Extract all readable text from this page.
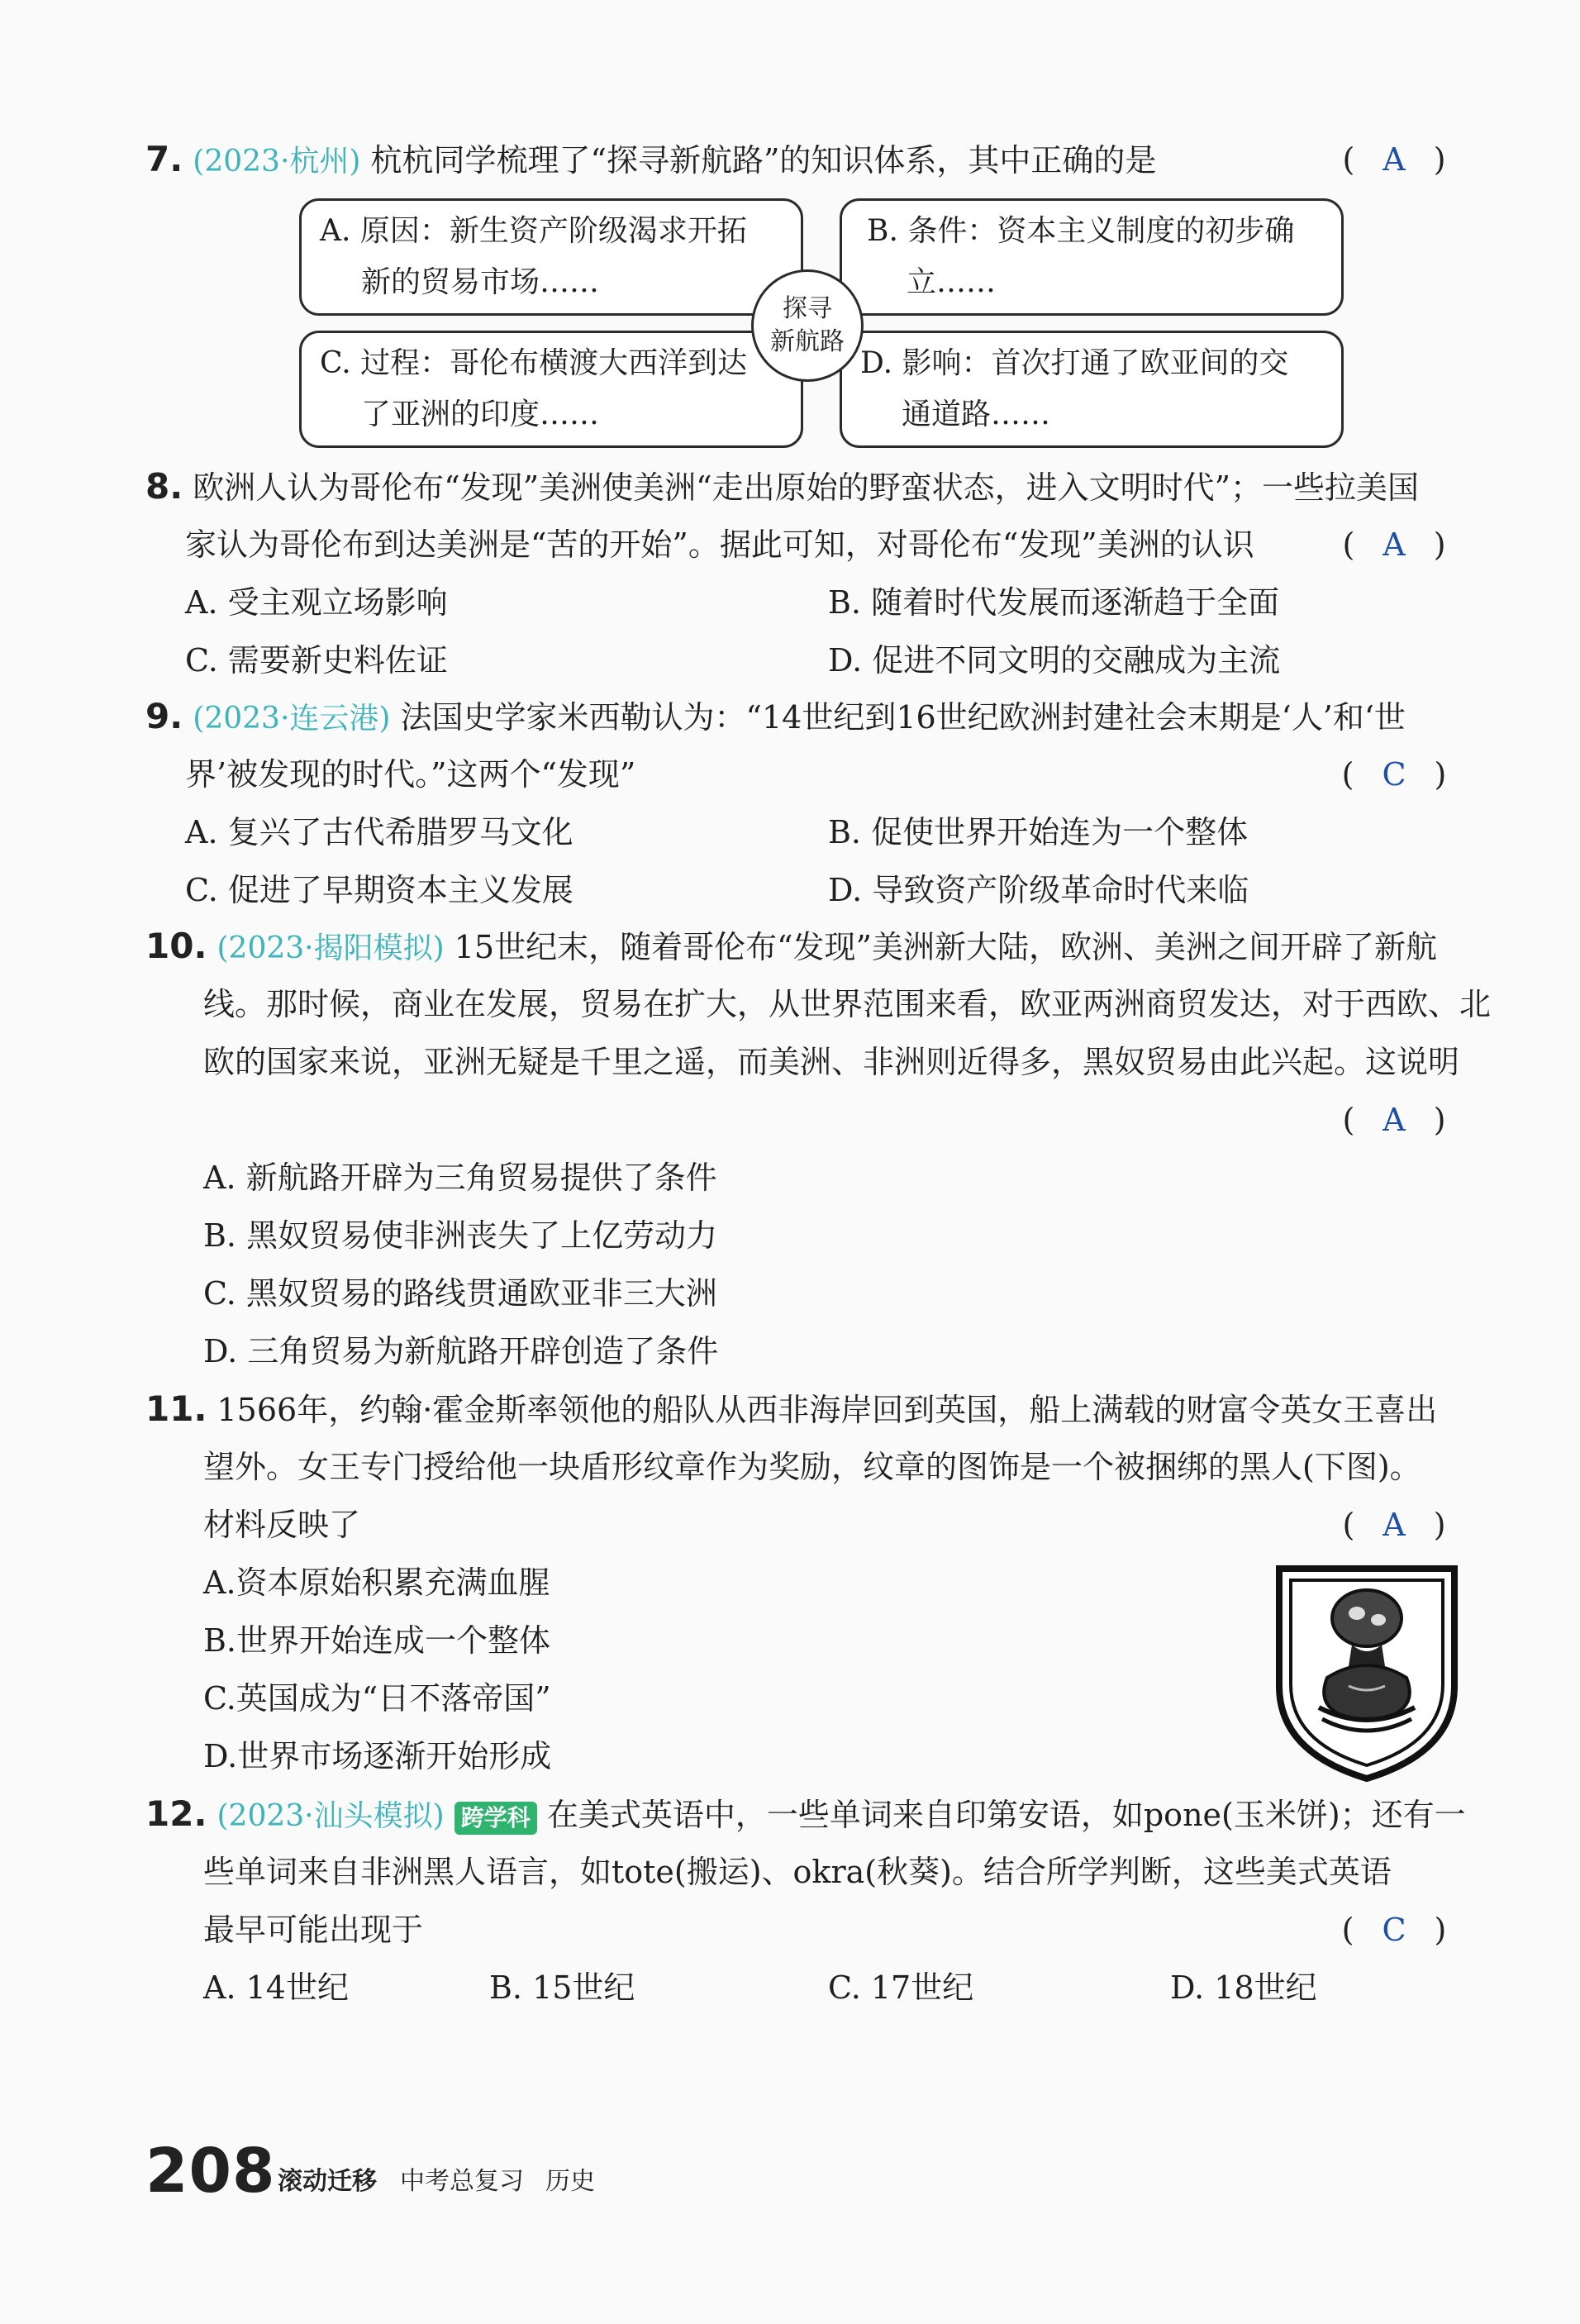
7. (2023·杭州) 杭杭同学梳理了“探寻新航路”的知识体系，其中正确的是	( A )
A. 原因：新生资产阶级渴求开拓
新的贸易市场……
B. 条件：资本主义制度的初步确
立……
C. 过程：哥伦布横渡大西洋到达
了亚洲的印度……
D. 影响：首次打通了欧亚间的交
通道路……
探寻
新航路
8. 欧洲人认为哥伦布“发现”美洲使美洲“走出原始的野蛮状态，进入文明时代”；一些拉美国
家认为哥伦布到达美洲是“苦的开始”。据此可知，对哥伦布“发现”美洲的认识	( A )
A. 受主观立场影响	B. 随着时代发展而逐渐趋于全面
C. 需要新史料佐证	D. 促进不同文明的交融成为主流
9. (2023·连云港) 法国史学家米西勒认为：“14世纪到16世纪欧洲封建社会末期是‘人’和‘世
界’被发现的时代。”这两个“发现”	( C )
A. 复兴了古代希腊罗马文化	B. 促使世界开始连为一个整体
C. 促进了早期资本主义发展	D. 导致资产阶级革命时代来临
10. (2023·揭阳模拟) 15世纪末，随着哥伦布“发现”美洲新大陆，欧洲、美洲之间开辟了新航
线。那时候，商业在发展，贸易在扩大，从世界范围来看，欧亚两洲商贸发达，对于西欧、北
欧的国家来说，亚洲无疑是千里之遥，而美洲、非洲则近得多，黑奴贸易由此兴起。这说明
( A )
A. 新航路开辟为三角贸易提供了条件
B. 黑奴贸易使非洲丧失了上亿劳动力
C. 黑奴贸易的路线贯通欧亚非三大洲
D. 三角贸易为新航路开辟创造了条件
11. 1566年，约翰·霍金斯率领他的船队从西非海岸回到英国，船上满载的财富令英女王喜出
望外。女王专门授给他一块盾形纹章作为奖励，纹章的图饰是一个被捆绑的黑人(下图)。
材料反映了	( A )
A.资本原始积累充满血腥
B.世界开始连成一个整体
C.英国成为“日不落帝国”
D.世界市场逐渐开始形成
12. (2023·汕头模拟) 跨学科 在美式英语中，一些单词来自印第安语，如pone(玉米饼)；还有一
些单词来自非洲黑人语言，如tote(搬运)、okra(秋葵)。结合所学判断，这些美式英语
最早可能出现于	( C )
A. 14世纪	B. 15世纪	C. 17世纪	D. 18世纪
208 滚动迁移 中考总复习 历史
